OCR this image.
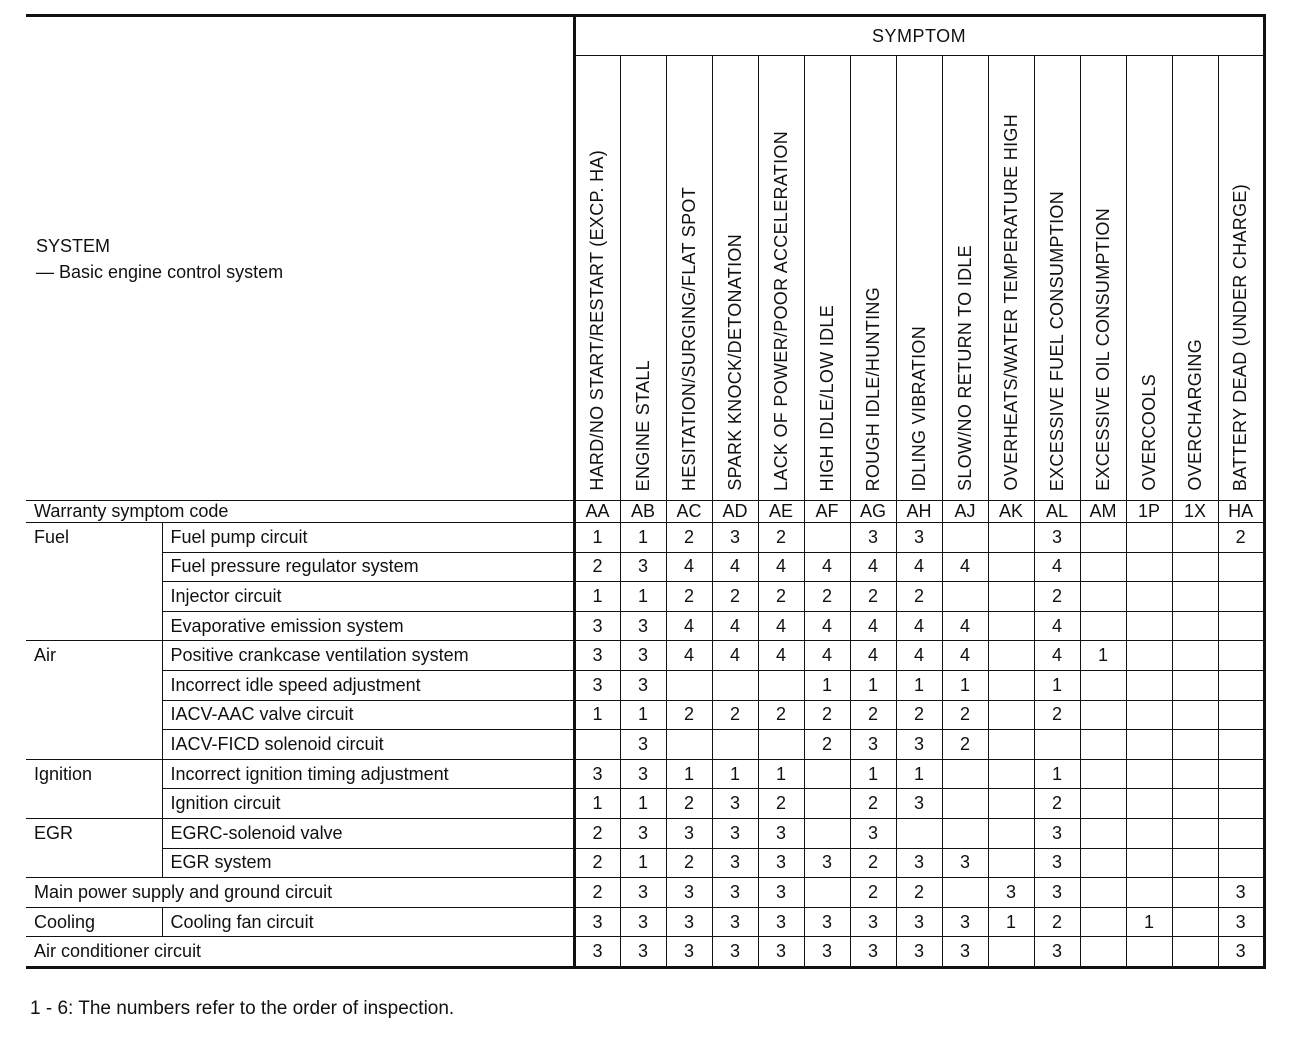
SYSTEM
— Basic engine control system		SYMPTOM														
		HARD/NO START/RESTART (EXCP. HA)	ENGINE STALL	HESITATION/SURGING/FLAT SPOT	SPARK KNOCK/DETONATION	LACK OF POWER/POOR ACCELERATION	HIGH IDLE/LOW IDLE	ROUGH IDLE/HUNTING	IDLING VIBRATION	SLOW/NO RETURN TO IDLE	OVERHEATS/WATER TEMPERATURE HIGH	EXCESSIVE FUEL CONSUMPTION	EXCESSIVE OIL CONSUMPTION	OVERCOOLS	OVERCHARGING	BATTERY DEAD (UNDER CHARGE)
Warranty symptom code		AA	AB	AC	AD	AE	AF	AG	AH	AJ	AK	AL	AM	1P	1X	HA
Fuel	Fuel pump circuit	1	1	2	3	2		3	3			3				2
	Fuel pressure regulator system	2	3	4	4	4	4	4	4	4		4				
	Injector circuit	1	1	2	2	2	2	2	2			2				
	Evaporative emission system	3	3	4	4	4	4	4	4	4		4				
Air	Positive crankcase ventilation system	3	3	4	4	4	4	4	4	4		4	1			
	Incorrect idle speed adjustment	3	3				1	1	1	1		1				
	IACV-AAC valve circuit	1	1	2	2	2	2	2	2	2		2				
	IACV-FICD solenoid circuit		3				2	3	3	2						
Ignition	Incorrect ignition timing adjustment	3	3	1	1	1		1	1			1				
	Ignition circuit	1	1	2	3	2		2	3			2				
EGR	EGRC-solenoid valve	2	3	3	3	3		3				3				
	EGR system	2	1	2	3	3	3	2	3	3		3				
Main power supply and ground circuit		2	3	3	3	3		2	2		3	3				3
Cooling	Cooling fan circuit	3	3	3	3	3	3	3	3	3	1	2		1		3
Air conditioner circuit		3	3	3	3	3	3	3	3	3		3				3
1 - 6: The numbers refer to the order of inspection.
